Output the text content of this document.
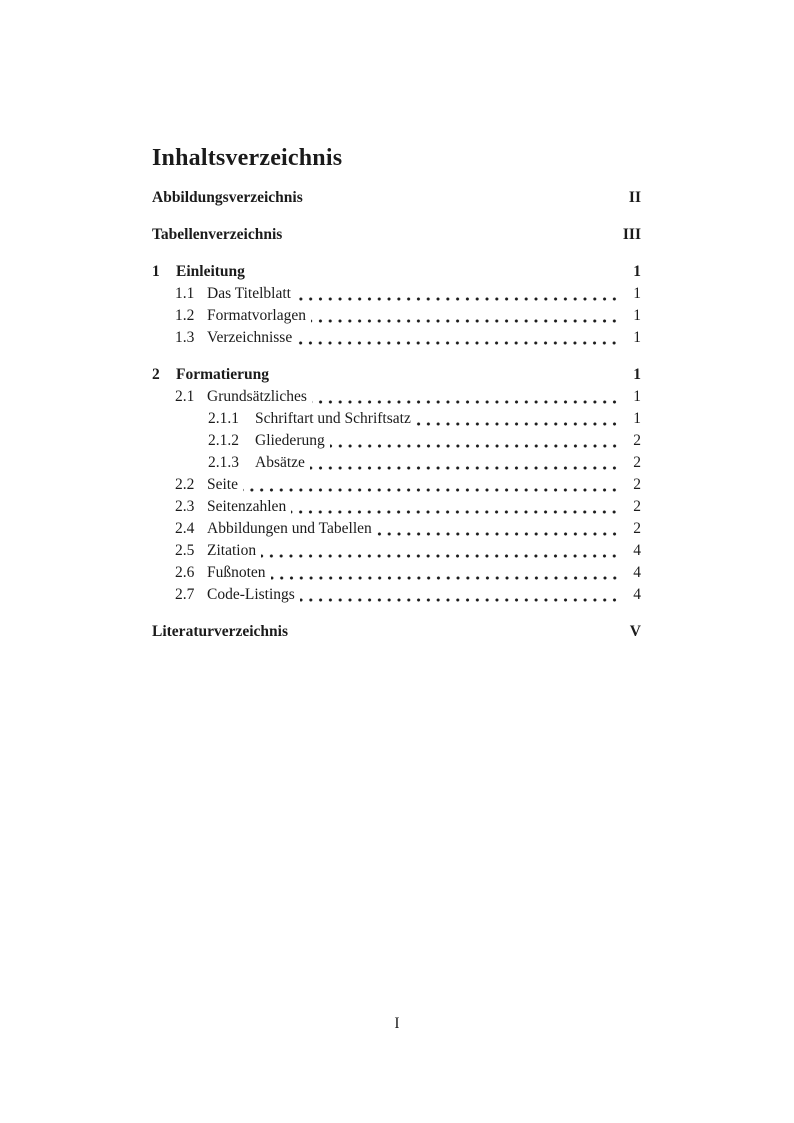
Inhaltsverzeichnis
Abbildungsverzeichnis	II
Tabellenverzeichnis	III
1	Einleitung	1
1.1 Das Titelblatt	1
1.2 Formatvorlagen	1
1.3 Verzeichnisse	1
2	Formatierung	1
2.1 Grundsätzliches	1
2.1.1	Schriftart und Schriftsatz	1
2.1.2	Gliederung	2
2.1.3	Absätze	2
2.2 Seite	2
2.3 Seitenzahlen	2
2.4 Abbildungen und Tabellen	2
2.5 Zitation	4
2.6 Fußnoten	4
2.7 Code-Listings	4
Literaturverzeichnis	V
I
